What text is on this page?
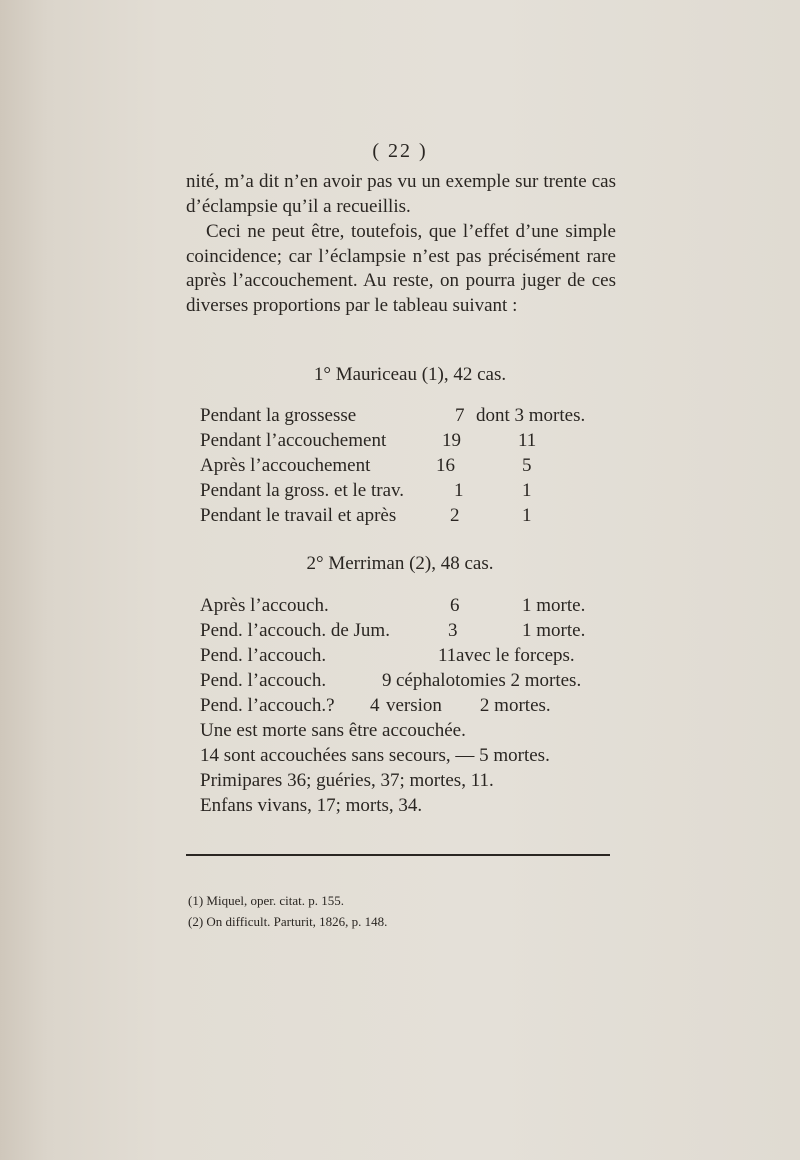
( 22 )
nité, m’a dit n’en avoir pas vu un exemple sur trente cas d’éclampsie qu’il a recueillis.
Ceci ne peut être, toutefois, que l’effet d’une simple coincidence; car l’éclampsie n’est pas précisément rare après l’accouchement. Au reste, on pourra juger de ces diverses proportions par le tableau suivant :
1° Mauriceau (1), 42 cas.
Pendant la grossesse	7 dont 3 mortes.
Pendant l’accouchement	19	11
Après l’accouchement	16	5
Pendant la gross. et le trav.	1	1
Pendant le travail et après	2	1
2° Merriman (2), 48 cas.
Après l’accouch.	6	1 morte.
Pend. l’accouch. de Jum.	3	1 morte.
Pend. l’accouch.	11 avec le forceps.
Pend. l’accouch.	9 céphalotomies 2 mortes.
Pend. l’accouch.? 4 version        2 mortes.
Une est morte sans être accouchée.
14 sont accouchées sans secours, — 5 mortes.
Primipares 36; guéries, 37; mortes, 11.
Enfans vivans, 17; morts, 34.
(1) Miquel, oper. citat. p. 155.
(2) On difficult. Parturit, 1826, p. 148.
